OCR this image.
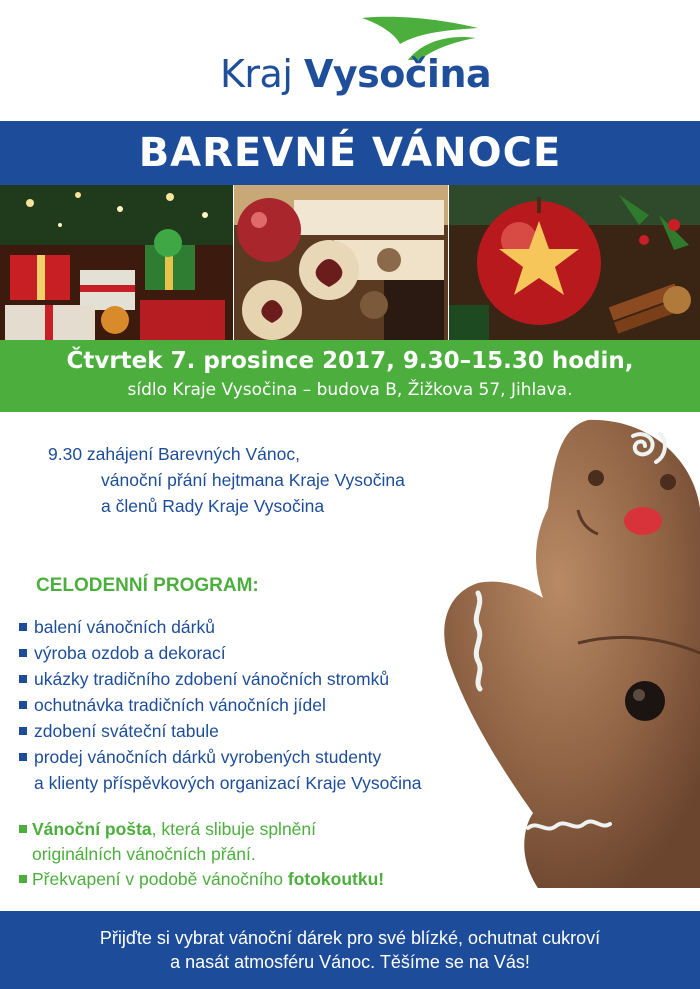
Kraj Vysočina
BAREVNÉ VÁNOCE
Čtvrtek 7. prosince 2017, 9.30–15.30 hodin,
sídlo Kraje Vysočina – budova B, Žižkova 57, Jihlava.
9.30 zahájení Barevných Vánoc,
vánoční přání hejtmana Kraje Vysočina
a členů Rady Kraje Vysočina
CELODENNÍ PROGRAM:
balení vánočních dárků
výroba ozdob a dekorací
ukázky tradičního zdobení vánočních stromků
ochutnávka tradičních vánočních jídel
zdobení sváteční tabule
prodej vánočních dárků vyrobených studenty
a klienty příspěvkových organizací Kraje Vysočina
Vánoční pošta, která slibuje splnění
originálních vánočních přání.
Překvapení v podobě vánočního fotokoutku!
Přijďte si vybrat vánoční dárek pro své blízké, ochutnat cukroví
a nasát atmosféru Vánoc. Těšíme se na Vás!
